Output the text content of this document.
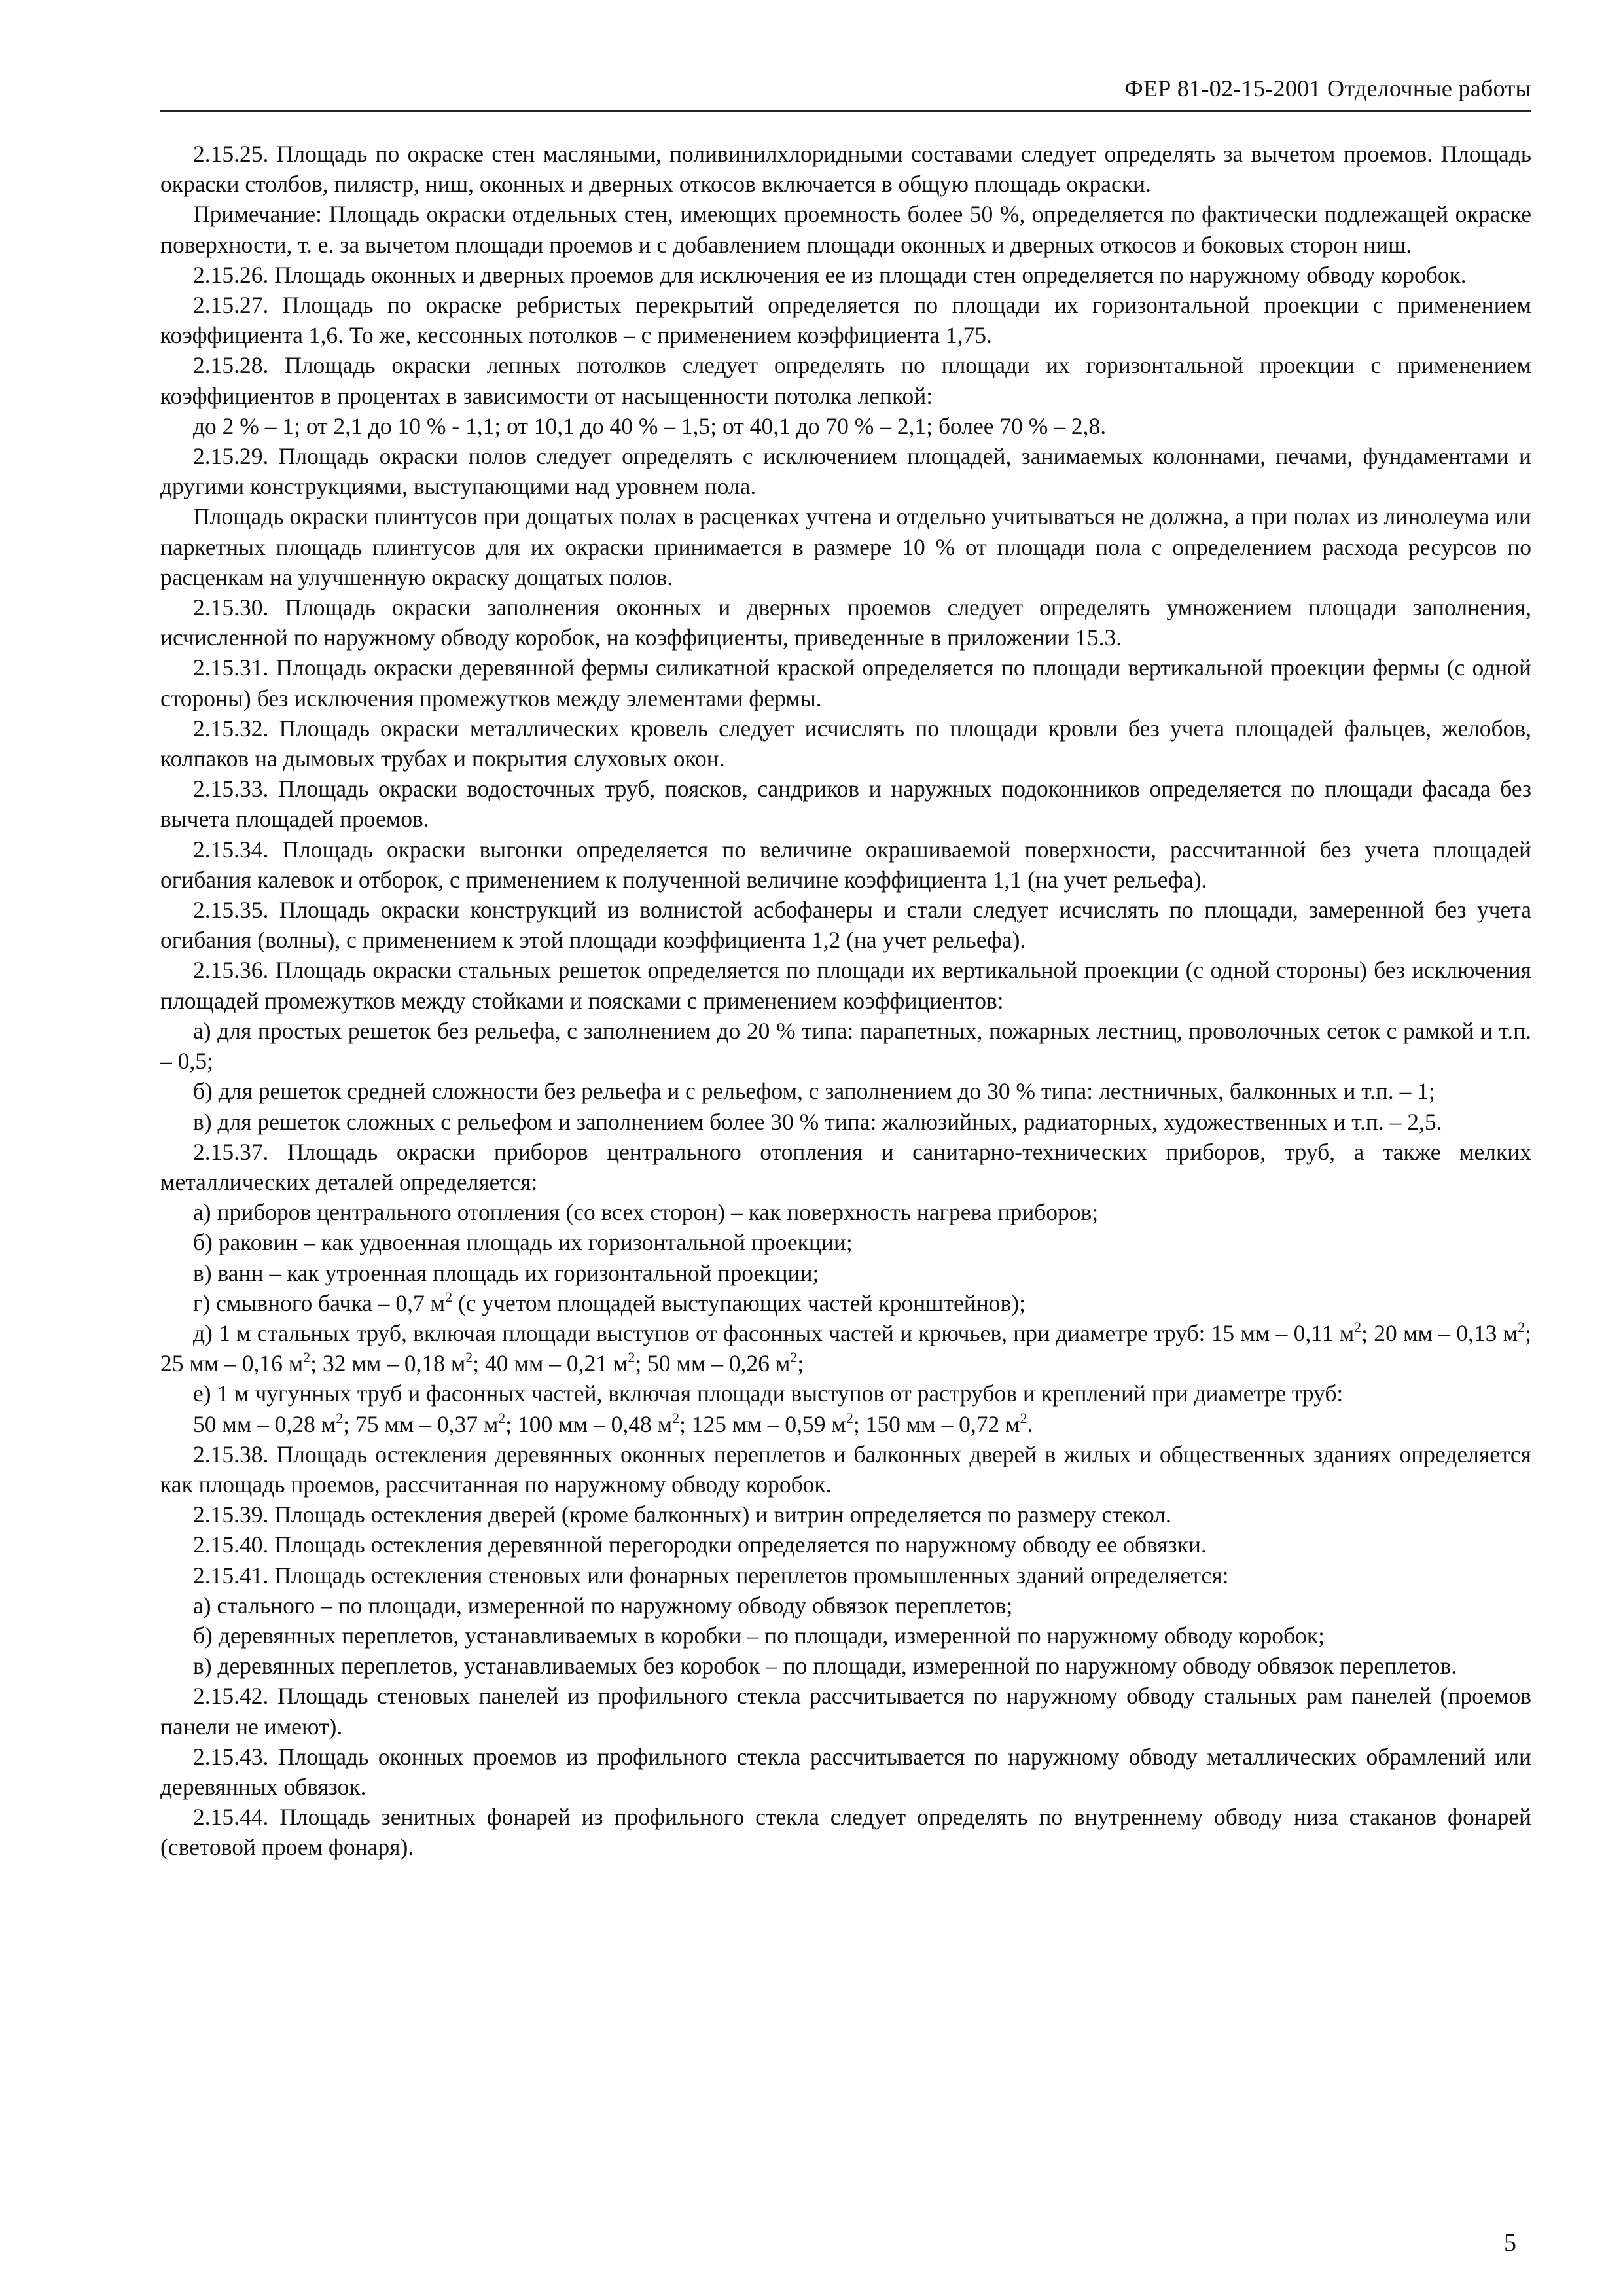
ФЕР 81-02-15-2001 Отделочные работы

2.15.25. Площадь по окраске стен масляными, поливинилхлоридными составами следует определять за вычетом проемов. Площадь окраски столбов, пилястр, ниш, оконных и дверных откосов включается в общую площадь окраски.

Примечание: Площадь окраски отдельных стен, имеющих проемность более 50 %, определяется по фактически подлежащей окраске поверхности, т. е. за вычетом площади проемов и с добавлением площади оконных и дверных откосов и боковых сторон ниш.

2.15.26. Площадь оконных и дверных проемов для исключения ее из площади стен определяется по наружному обводу коробок.

2.15.27. Площадь по окраске ребристых перекрытий определяется по площади их горизонтальной проекции с применением коэффициента 1,6. То же, кессонных потолков – с применением коэффициента 1,75.

2.15.28. Площадь окраски лепных потолков следует определять по площади их горизонтальной проекции с применением коэффициентов в процентах в зависимости от насыщенности потолка лепкой:

до 2 % – 1; от 2,1 до 10 % - 1,1; от 10,1 до 40 % – 1,5; от 40,1 до 70 % – 2,1; более 70 % – 2,8.

2.15.29. Площадь окраски полов следует определять с исключением площадей, занимаемых колоннами, печами, фундаментами и другими конструкциями, выступающими над уровнем пола.

Площадь окраски плинтусов при дощатых полах в расценках учтена и отдельно учитываться не должна, а при полах из линолеума или паркетных площадь плинтусов для их окраски принимается в размере 10 % от площади пола с определением расхода ресурсов по расценкам на улучшенную окраску дощатых полов.

2.15.30. Площадь окраски заполнения оконных и дверных проемов следует определять умножением площади заполнения, исчисленной по наружному обводу коробок, на коэффициенты, приведенные в приложении 15.3.

2.15.31. Площадь окраски деревянной фермы силикатной краской определяется по площади вертикальной проекции фермы (с одной стороны) без исключения промежутков между элементами фермы.

2.15.32. Площадь окраски металлических кровель следует исчислять по площади кровли без учета площадей фальцев, желобов, колпаков на дымовых трубах и покрытия слуховых окон.

2.15.33. Площадь окраски водосточных труб, поясков, сандриков и наружных подоконников определяется по площади фасада без вычета площадей проемов.

2.15.34. Площадь окраски выгонки определяется по величине окрашиваемой поверхности, рассчитанной без учета площадей огибания калевок и отборок, с применением к полученной величине коэффициента 1,1 (на учет рельефа).

2.15.35. Площадь окраски конструкций из волнистой асбофанеры и стали следует исчислять по площади, замеренной без учета огибания (волны), с применением к этой площади коэффициента 1,2 (на учет рельефа).

2.15.36. Площадь окраски стальных решеток определяется по площади их вертикальной проекции (с одной стороны) без исключения площадей промежутков между стойками и поясками с применением коэффициентов:

а) для простых решеток без рельефа, с заполнением до 20 % типа: парапетных, пожарных лестниц, проволочных сеток с рамкой и т.п. – 0,5;

б) для решеток средней сложности без рельефа и с рельефом, с заполнением до 30 % типа: лестничных, балконных и т.п. – 1;

в) для решеток сложных с рельефом и заполнением более 30 % типа: жалюзийных, радиаторных, художественных и т.п. – 2,5.

2.15.37. Площадь окраски приборов центрального отопления и санитарно-технических приборов, труб, а также мелких металлических деталей определяется:

а) приборов центрального отопления (со всех сторон) – как поверхность нагрева приборов;

б) раковин – как удвоенная площадь их горизонтальной проекции;

в) ванн – как утроенная площадь их горизонтальной проекции;

г) смывного бачка – 0,7 $м^2$ (с учетом площадей выступающих частей кронштейнов);

д) 1 м стальных труб, включая площади выступов от фасонных частей и крючьев, при диаметре труб: 15 мм – 0,11 $м^2$; 20 мм – 0,13 $м^2$; 25 мм – 0,16 $м^2$; 32 мм – 0,18 $м^2$; 40 мм – 0,21 $м^2$; 50 мм – 0,26 $м^2$;

е) 1 м чугунных труб и фасонных частей, включая площади выступов от раструбов и креплений при диаметре труб:

50 мм – 0,28 $м^2$; 75 мм – 0,37 $м^2$; 100 мм – 0,48 $м^2$; 125 мм – 0,59 $м^2$; 150 мм – 0,72 $м^2$.

2.15.38. Площадь остекления деревянных оконных переплетов и балконных дверей в жилых и общественных зданиях определяется как площадь проемов, рассчитанная по наружному обводу коробок.

2.15.39. Площадь остекления дверей (кроме балконных) и витрин определяется по размеру стекол.

2.15.40. Площадь остекления деревянной перегородки определяется по наружному обводу ее обвязки.

2.15.41. Площадь остекления стеновых или фонарных переплетов промышленных зданий определяется:

а) стального – по площади, измеренной по наружному обводу обвязок переплетов;

б) деревянных переплетов, устанавливаемых в коробки – по площади, измеренной по наружному обводу коробок;

в) деревянных переплетов, устанавливаемых без коробок – по площади, измеренной по наружному обводу обвязок переплетов.

2.15.42. Площадь стеновых панелей из профильного стекла рассчитывается по наружному обводу стальных рам панелей (проемов панели не имеют).

2.15.43. Площадь оконных проемов из профильного стекла рассчитывается по наружному обводу металлических обрамлений или деревянных обвязок.

2.15.44. Площадь зенитных фонарей из профильного стекла следует определять по внутреннему обводу низа стаканов фонарей (световой проем фонаря).

5
